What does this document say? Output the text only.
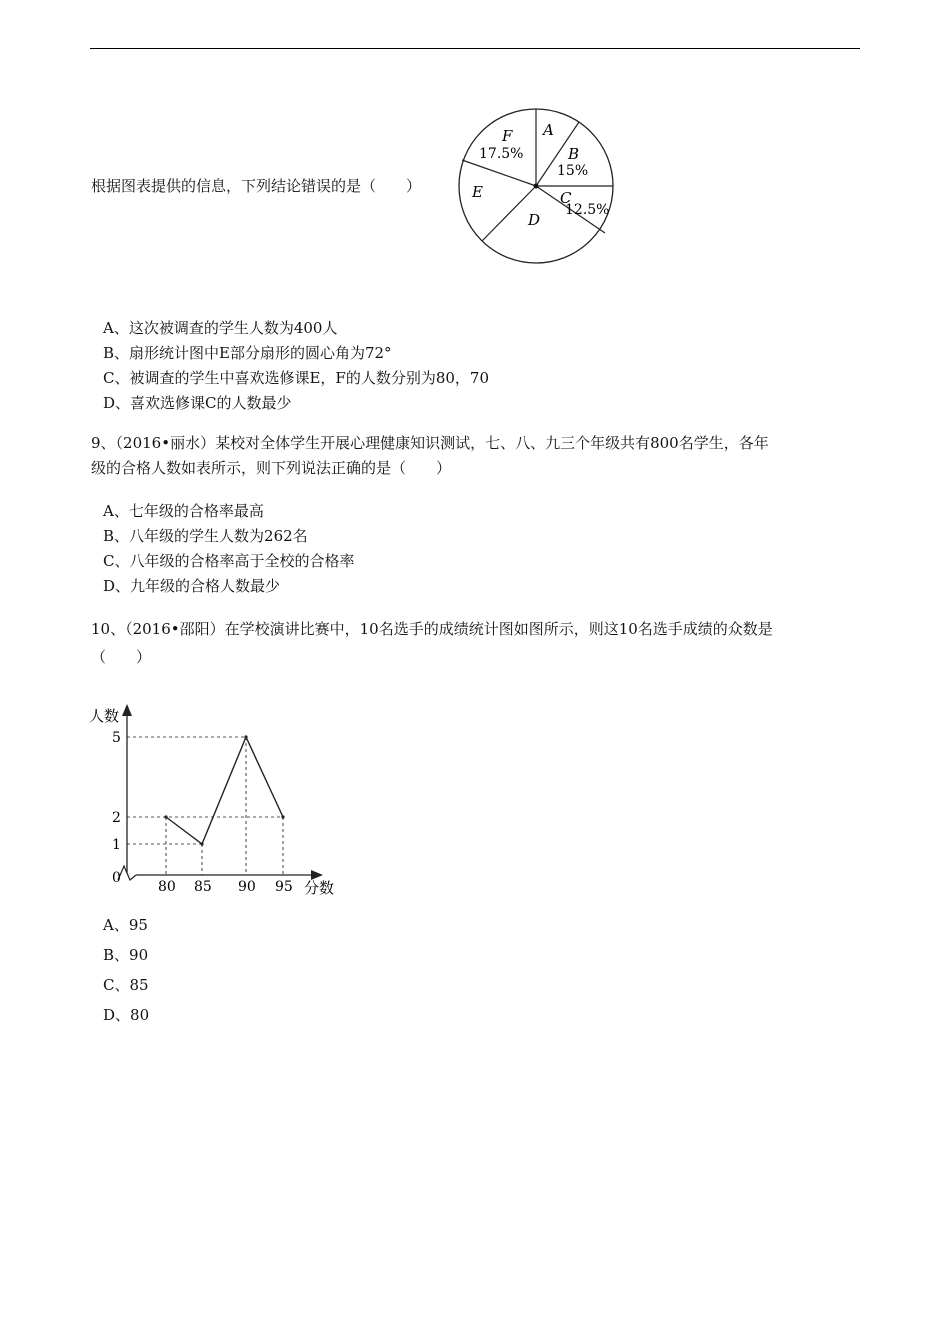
根据图表提供的信息，下列结论错误的是（　　）
A
B
15%
C
12.5%
D
E
F
17.5%
A、这次被调查的学生人数为400人
B、扇形统计图中E部分扇形的圆心角为72°
C、被调查的学生中喜欢选修课E，F的人数分别为80，70
D、喜欢选修课C的人数最少
9、（2016•丽水）某校对全体学生开展心理健康知识测试，七、八、九三个年级共有800名学生，各年
级的合格人数如表所示，则下列说法正确的是（　　）
A、七年级的合格率最高
B、八年级的学生人数为262名
C、八年级的合格率高于全校的合格率
D、九年级的合格人数最少
10、（2016•邵阳）在学校演讲比赛中，10名选手的成绩统计图如图所示，则这10名选手成绩的众数是
（　　）
人数
分数
0
80 85 90 95
1
2
5
A、95
B、90
C、85
D、80
